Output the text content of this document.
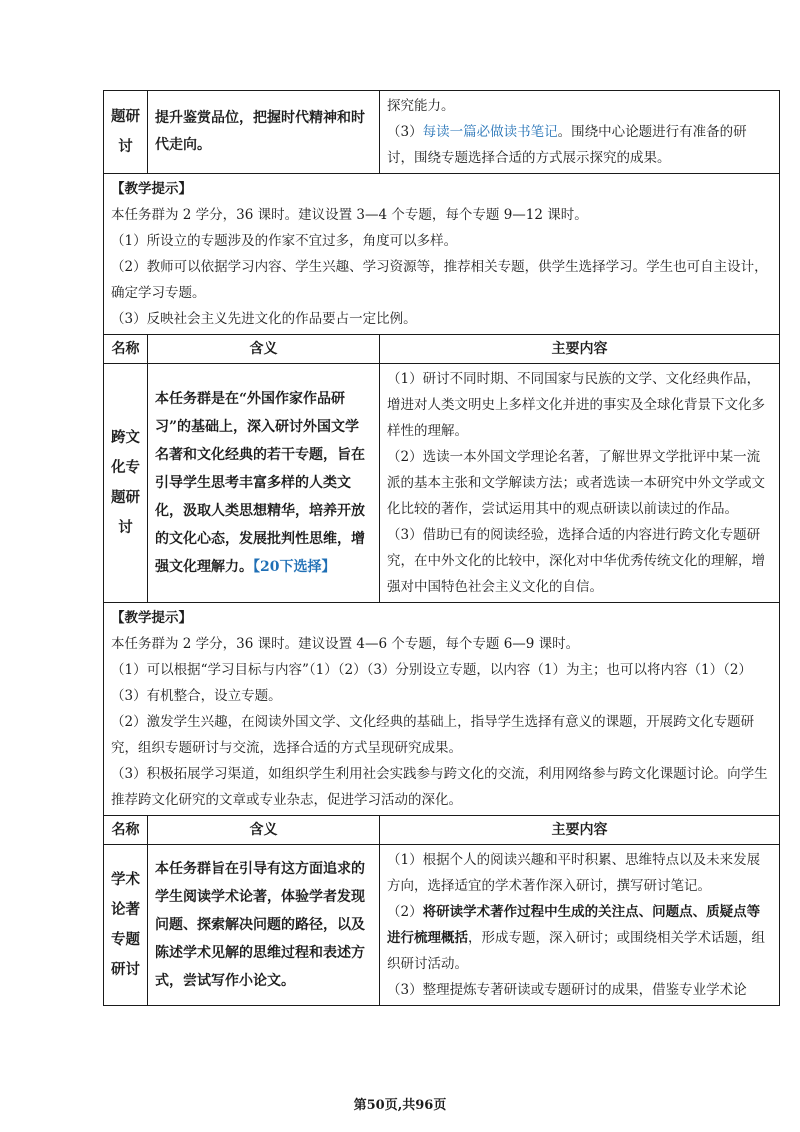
题研讨	提升鉴赏品位，把握时代精神和时代走向。	探究能力。

（3）每读一篇必做读书笔记。围绕中心论题进行有准备的研讨，围绕专题选择合适的方式展示探究的成果。

【教学提示】

本任务群为 2 学分，36 课时。建议设置 3—4 个专题，每个专题 9—12 课时。

（1）所设立的专题涉及的作家不宜过多，角度可以多样。

（2）教师可以依据学习内容、学生兴趣、学习资源等，推荐相关专题，供学生选择学习。学生也可自主设计，确定学习专题。

（3）反映社会主义先进文化的作品要占一定比例。		

名称	含义	主要内容
跨文化专题研讨	本任务群是在“外国作家作品研习”的基础上，深入研讨外国文学名著和文化经典的若干专题，旨在引导学生思考丰富多样的人类文化，汲取人类思想精华，培养开放的文化心态，发展批判性思维，增强文化理解力。【20下选择】	（1）研讨不同时期、不同国家与民族的文学、文化经典作品，增进对人类文明史上多样文化并进的事实及全球化背景下文化多样性的理解。

（2）选读一本外国文学理论名著，了解世界文学批评中某一流派的基本主张和文学解读方法；或者选读一本研究中外文学或文化比较的著作，尝试运用其中的观点研读以前读过的作品。

（3）借助已有的阅读经验，选择合适的内容进行跨文化专题研究，在中外文化的比较中，深化对中华优秀传统文化的理解，增强对中国特色社会主义文化的自信。

【教学提示】

本任务群为 2 学分，36 课时。建议设置 4—6 个专题，每个专题 6—9 课时。

（1）可以根据“学习目标与内容”（1）（2）（3）分别设立专题，以内容（1）为主；也可以将内容（1）（2）（3）有机整合，设立专题。

（2）激发学生兴趣，在阅读外国文学、文化经典的基础上，指导学生选择有意义的课题，开展跨文化专题研究，组织专题研讨与交流，选择合适的方式呈现研究成果。

（3）积极拓展学习渠道，如组织学生利用社会实践参与跨文化的交流，利用网络参与跨文化课题讨论。向学生推荐跨文化研究的文章或专业杂志，促进学习活动的深化。		

名称	含义	主要内容
学术论著专题研讨	本任务群旨在引导有这方面追求的学生阅读学术论著，体验学者发现问题、探索解决问题的路径，以及陈述学术见解的思维过程和表述方式，尝试写作小论文。	（1）根据个人的阅读兴趣和平时积累、思维特点以及未来发展方向，选择适宜的学术著作深入研讨，撰写研讨笔记。

（2）将研读学术著作过程中生成的关注点、问题点、质疑点等进行梳理概括，形成专题，深入研讨；或围绕相关学术话题，组织研讨活动。

（3）整理提炼专著研读或专题研讨的成果，借鉴专业学术论

第50页,共96页
